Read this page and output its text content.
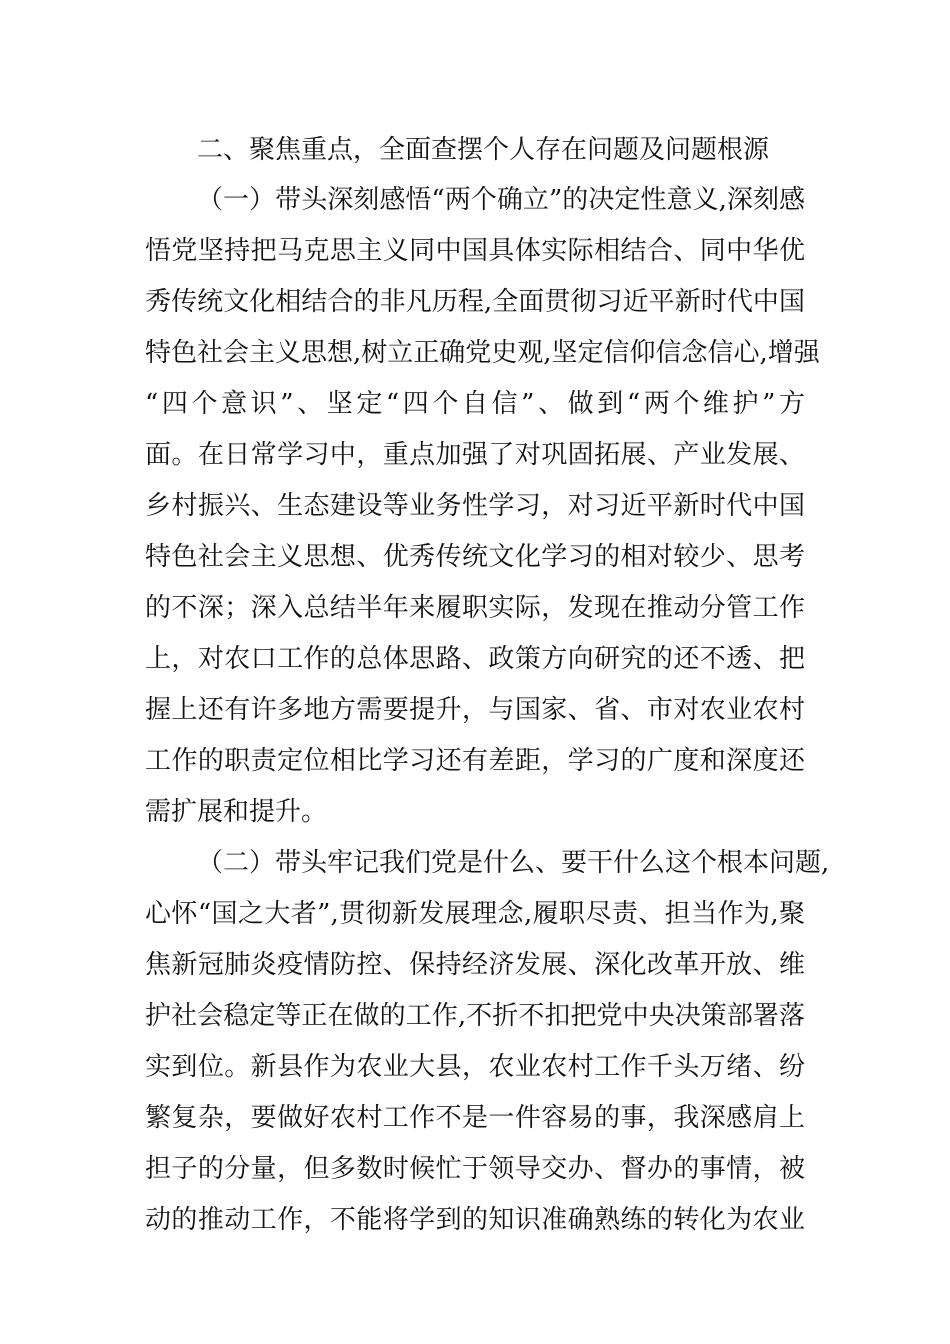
二、聚焦重点，全面查摆个人存在问题及问题根源
（一）带头深刻感悟“两个确立”的决定性意义,深刻感
悟党坚持把马克思主义同中国具体实际相结合、同中华优
秀传统文化相结合的非凡历程,全面贯彻习近平新时代中国
特色社会主义思想,树立正确党史观,坚定信仰信念信心,增强
“四个意识”、坚定“四个自信”、做到“两个维护”方
面。在日常学习中，重点加强了对巩固拓展、产业发展、
乡村振兴、生态建设等业务性学习，对习近平新时代中国
特色社会主义思想、优秀传统文化学习的相对较少、思考
的不深；深入总结半年来履职实际，发现在推动分管工作
上，对农口工作的总体思路、政策方向研究的还不透、把
握上还有许多地方需要提升，与国家、省、市对农业农村
工作的职责定位相比学习还有差距，学习的广度和深度还
需扩展和提升。
（二）带头牢记我们党是什么、要干什么这个根本问题,
心怀“国之大者”,贯彻新发展理念,履职尽责、担当作为,聚
焦新冠肺炎疫情防控、保持经济发展、深化改革开放、维
护社会稳定等正在做的工作,不折不扣把党中央决策部署落
实到位。新县作为农业大县，农业农村工作千头万绪、纷
繁复杂，要做好农村工作不是一件容易的事，我深感肩上
担子的分量，但多数时候忙于领导交办、督办的事情，被
动的推动工作，不能将学到的知识准确熟练的转化为农业
